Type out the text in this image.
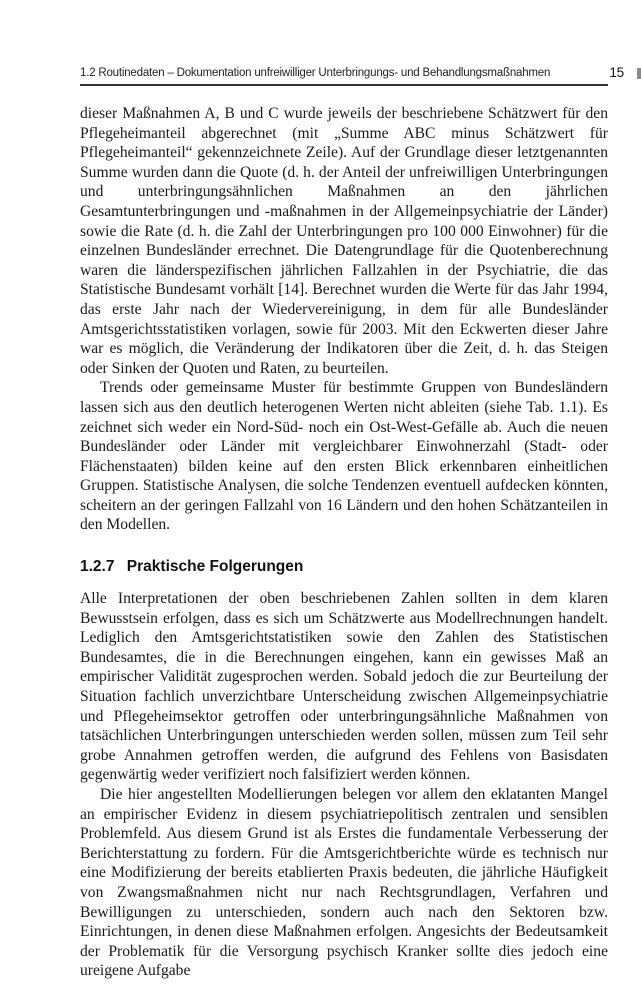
1.2 Routinedaten – Dokumentation unfreiwilliger Unterbringungs- und Behandlungsmaßnahmen	15

dieser Maßnahmen A, B und C wurde jeweils der beschriebene Schätzwert für den Pflegeheimanteil abgerechnet (mit „Summe ABC minus Schätzwert für Pflegeheimanteil“ gekennzeichnete Zeile). Auf der Grundlage dieser letztgenannten Summe wurden dann die Quote (d. h. der Anteil der unfreiwilligen Unterbringungen und unterbringungsähnlichen Maßnahmen an den jährlichen Gesamtunterbringungen und -maßnahmen in der Allgemeinpsychiatrie der Länder) sowie die Rate (d. h. die Zahl der Unterbringungen pro 100 000 Einwohner) für die einzelnen Bundesländer errechnet. Die Datengrundlage für die Quotenberechnung waren die länderspezifischen jährlichen Fallzahlen in der Psychiatrie, die das Statistische Bundesamt vorhält [14]. Berechnet wurden die Werte für das Jahr 1994, das erste Jahr nach der Wiedervereinigung, in dem für alle Bundesländer Amtsgerichtsstatistiken vorlagen, sowie für 2003. Mit den Eckwerten dieser Jahre war es möglich, die Veränderung der Indikatoren über die Zeit, d. h. das Steigen oder Sinken der Quoten und Raten, zu beurteilen.

Trends oder gemeinsame Muster für bestimmte Gruppen von Bundesländern lassen sich aus den deutlich heterogenen Werten nicht ableiten (siehe Tab. 1.1). Es zeichnet sich weder ein Nord-Süd- noch ein Ost-West-Gefälle ab. Auch die neuen Bundesländer oder Länder mit vergleichbarer Einwohnerzahl (Stadt- oder Flächenstaaten) bilden keine auf den ersten Blick erkennbaren einheitlichen Gruppen. Statistische Analysen, die solche Tendenzen eventuell aufdecken könnten, scheitern an der geringen Fallzahl von 16 Ländern und den hohen Schätzanteilen in den Modellen.

1.2.7 Praktische Folgerungen

Alle Interpretationen der oben beschriebenen Zahlen sollten in dem klaren Bewusstsein erfolgen, dass es sich um Schätzwerte aus Modellrechnungen handelt. Lediglich den Amtsgerichtstatistiken sowie den Zahlen des Statistischen Bundesamtes, die in die Berechnungen eingehen, kann ein gewisses Maß an empirischer Validität zugesprochen werden. Sobald jedoch die zur Beurteilung der Situation fachlich unverzichtbare Unterscheidung zwischen Allgemeinpsychiatrie und Pflegeheimsektor getroffen oder unterbringungsähnliche Maßnahmen von tatsächlichen Unterbringungen unterschieden werden sollen, müssen zum Teil sehr grobe Annahmen getroffen werden, die aufgrund des Fehlens von Basisdaten gegenwärtig weder verifiziert noch falsifiziert werden können.

Die hier angestellten Modellierungen belegen vor allem den eklatanten Mangel an empirischer Evidenz in diesem psychiatriepolitisch zentralen und sensiblen Problemfeld. Aus diesem Grund ist als Erstes die fundamentale Verbesserung der Berichterstattung zu fordern. Für die Amtsgerichtberichte würde es technisch nur eine Modifizierung der bereits etablierten Praxis bedeuten, die jährliche Häufigkeit von Zwangsmaßnahmen nicht nur nach Rechtsgrundlagen, Verfahren und Bewilligungen zu unterschieden, sondern auch nach den Sektoren bzw. Einrichtungen, in denen diese Maßnahmen erfolgen. Angesichts der Bedeutsamkeit der Problematik für die Versorgung psychisch Kranker sollte dies jedoch eine ureigene Aufgabe
